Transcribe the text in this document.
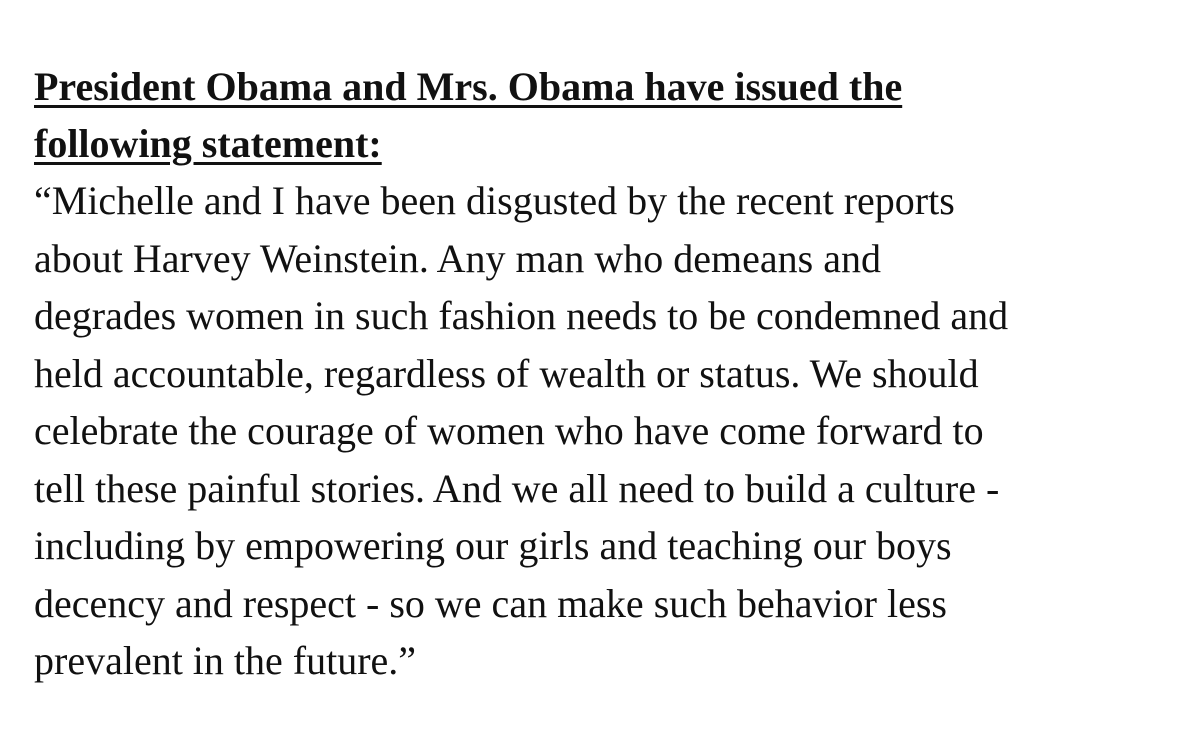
President Obama and Mrs. Obama have issued the
following statement:

“Michelle and I have been disgusted by the recent reports
about Harvey Weinstein. Any man who demeans and
degrades women in such fashion needs to be condemned and
held accountable, regardless of wealth or status. We should
celebrate the courage of women who have come forward to
tell these painful stories. And we all need to build a culture -
including by empowering our girls and teaching our boys
decency and respect - so we can make such behavior less
prevalent in the future.”
